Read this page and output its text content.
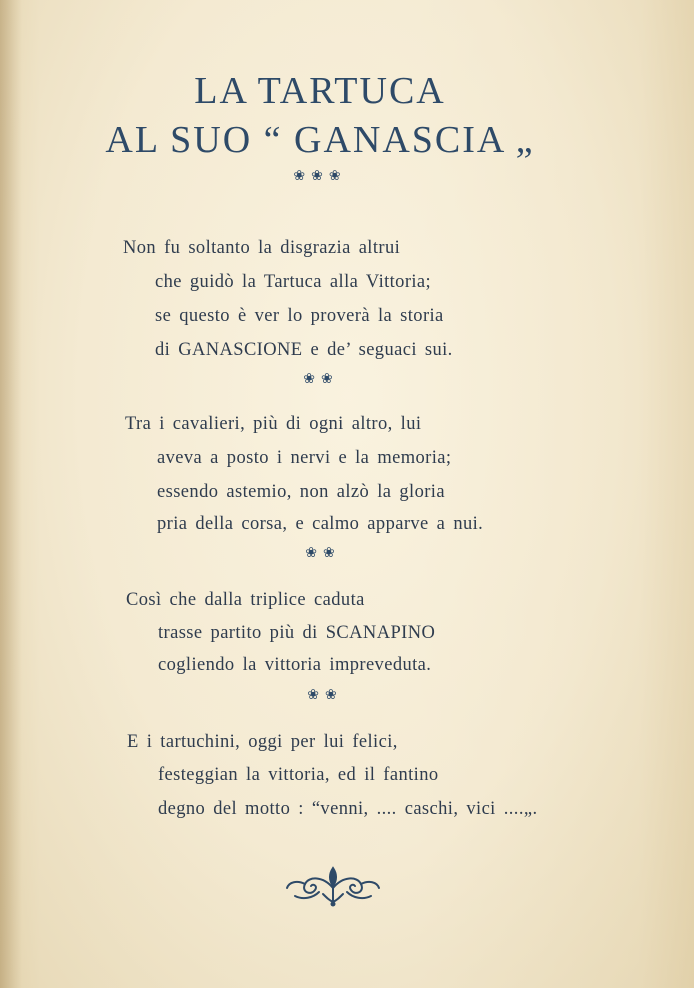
LA TARTUCA
AL SUO “ GANASCIA „
❀❀❀
Non fu soltanto la disgrazia altrui
che guidò la Tartuca alla Vittoria;
se questo è ver lo proverà la storia
di GANASCIONE e de’ seguaci sui.
❀❀
Tra i cavalieri, più di ogni altro, lui
aveva a posto i nervi e la memoria;
essendo astemio, non alzò la gloria
pria della corsa, e calmo apparve a nui.
❀❀
Così che dalla triplice caduta
trasse partito più di SCANAPINO
cogliendo la vittoria impreveduta.
❀❀
E i tartuchini, oggi per lui felici,
festeggian la vittoria, ed il fantino
degno del motto : “venni, .... caschi, vici ....„.
